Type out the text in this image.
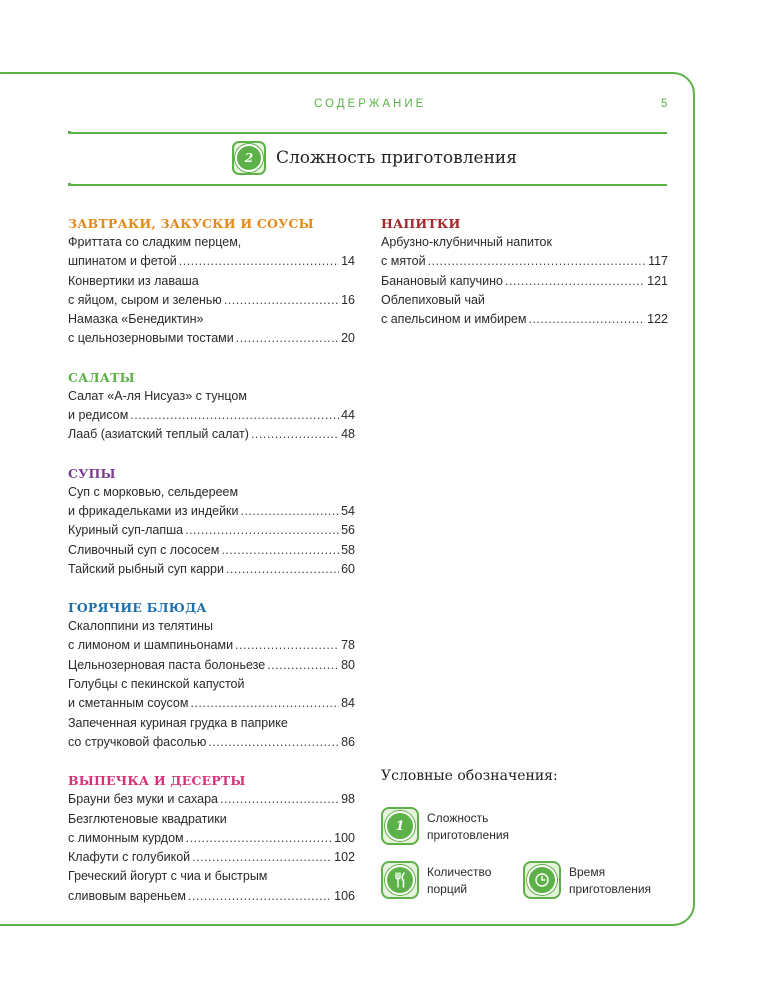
СОДЕРЖАНИЕ	5
2	Сложность приготовления
ЗАВТРАКИ, ЗАКУСКИ И СОУСЫ
Фриттата со сладким перцем,
шпинатом и фетой .....	14
Конвертики из лаваша
с яйцом, сыром и зеленью .....	16
Намазка «Бенедиктин»
с цельнозерновыми тостами .....	20
САЛАТЫ
Салат «А-ля Нисуаз» с тунцом
и редисом .....	44
Лааб (азиатский теплый салат) .....	48
СУПЫ
Суп с морковью, сельдереем
и фрикадельками из индейки .....	54
Куриный суп-лапша .....	56
Сливочный суп с лососем .....	58
Тайский рыбный суп карри .....	60
ГОРЯЧИЕ БЛЮДА
Скалоппини из телятины
с лимоном и шампиньонами .....	78
Цельнозерновая паста болоньезе .....	80
Голубцы с пекинской капустой
и сметанным соусом .....	84
Запеченная куриная грудка в паприке
со стручковой фасолью .....	86
ВЫПЕЧКА И ДЕСЕРТЫ
Брауни без муки и сахара .....	98
Безглютеновые квадратики
с лимонным курдом .....	100
Клафути с голубикой .....	102
Греческий йогурт с чиа и быстрым
сливовым вареньем .....	106
НАПИТКИ
Арбузно-клубничный напиток
с мятой .....	117
Банановый капучино .....	121
Облепиховый чай
с апельсином и имбирем .....	122
Условные обозначения:
1
Сложность
приготовления
Количество
порций
Время
приготовления
